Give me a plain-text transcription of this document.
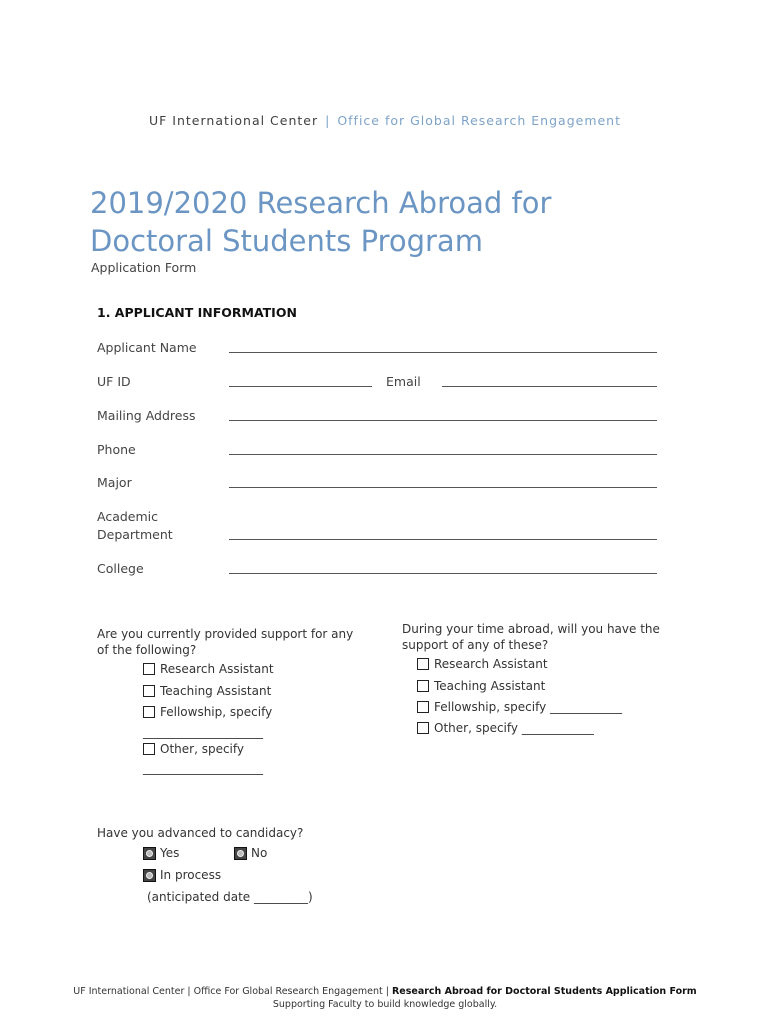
UF International Center | Office for Global Research Engagement
2019/2020 Research Abroad for
Doctoral Students Program
Application Form
1. APPLICANT INFORMATION
Applicant Name
UF ID	Email
Mailing Address
Phone
Major
Academic Department
College
Are you currently provided support for any of the following?
Research Assistant
Teaching Assistant
Fellowship, specify
____________________
Other, specify
____________________
During your time abroad, will you have the support of any of these?
Research Assistant
Teaching Assistant
Fellowship, specify ____________
Other, specify ____________
Have you advanced to candidacy?
Yes	No
In process
(anticipated date _________)
UF International Center | Office For Global Research Engagement | Research Abroad for Doctoral Students Application Form
Supporting Faculty to build knowledge globally.
